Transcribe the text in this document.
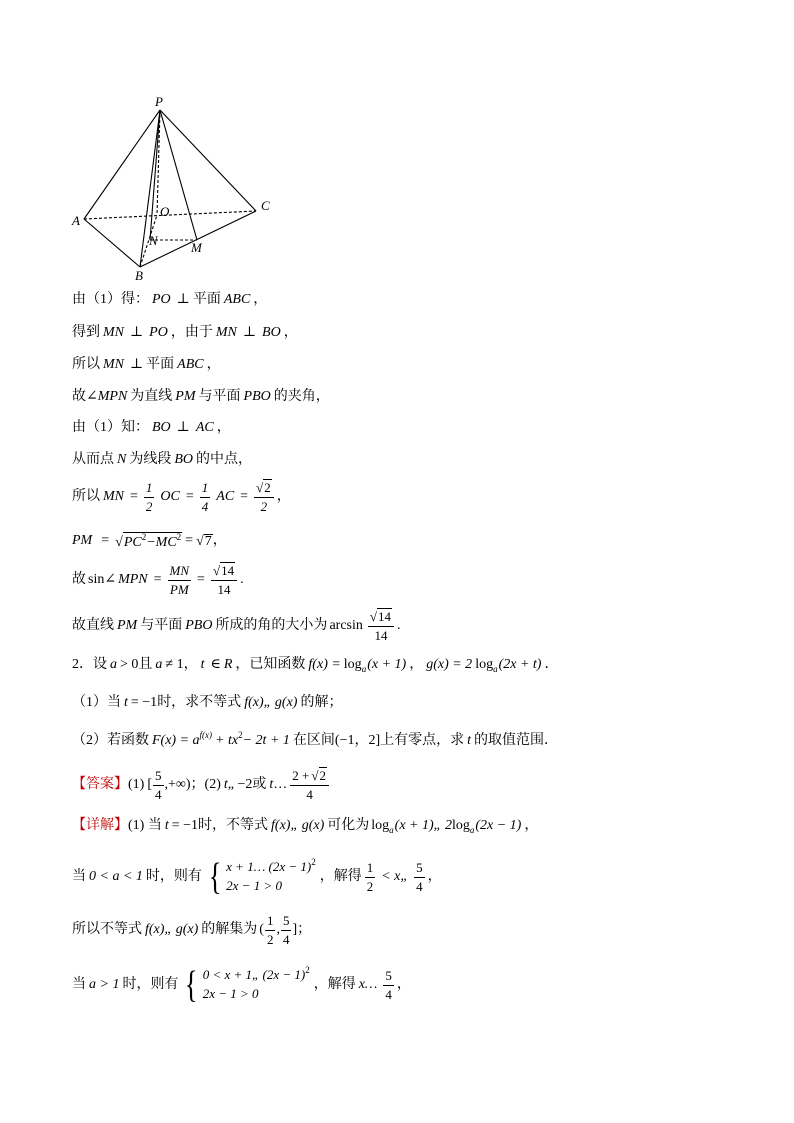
P
A
B
C
O
N	M
由（1）得： PO ⊥ 平面 ABC ，
得到 MN ⊥ PO ，由于 MN ⊥ BO ，
所以 MN ⊥ 平面 ABC ，
故 ∠MPN 为直线 PM 与平面 PBO 的夹角，
由（1）知： BO ⊥ AC ，
从而点 N 为线段 BO 的中点，
所以 MN = $\frac{1}{2}$ OC = $\frac{1}{4}$ AC = $\frac{√ 2}{2}$ ，
PM = √ $PC^2-MC^2$ = √ 7 ，
故 sin∠ MPN = $\frac{MN}{PM} = \frac{√ 14}{14}$ .
故直线 PM 与平面 PBO 所成的角的大小为 $\arcsin \frac{√ 14}{14}$ .
2．设 a > 0 且 a ≠ 1 ， t ∈ R ，已知函数 f(x) = log a (x + 1) ， g(x) = 2 log a (2x + t) ．
（1）当 t = −1 时，求不等式 f(x)„ g(x) 的解；
（2）若函数 F(x) = a f(x) + tx 2 − 2t + 1 在区间 (−1，2] 上有零点，求 t 的取值范围．
【答案】 (1) [ $\frac{5}{4}$ ,+∞) ；(2) t „ −2 或 t … $\frac{2 + √ 2}{4}$
【详解】 (1) 当 t = −1 时，不等式 f(x)„ g(x) 可化为 log a (x + 1)„ 2 log a (2x − 1) ，
当 0 < a < 1 时，则有 { x + 1… $(2x - 1)^2$
2x − 1 > 0
，解得 $\frac{1}{2}$ < x„ $\frac{5}{4}$ ，
所以不等式 f(x)„ g(x) 的解集为 ( $\frac{1}{2}$ , $\frac{5}{4}$ ] ；
当 a > 1 时，则有 { 0 < x + 1„ $(2x - 1)^2$
2x − 1 > 0
，解得 x… $\frac{5}{4}$ ，
